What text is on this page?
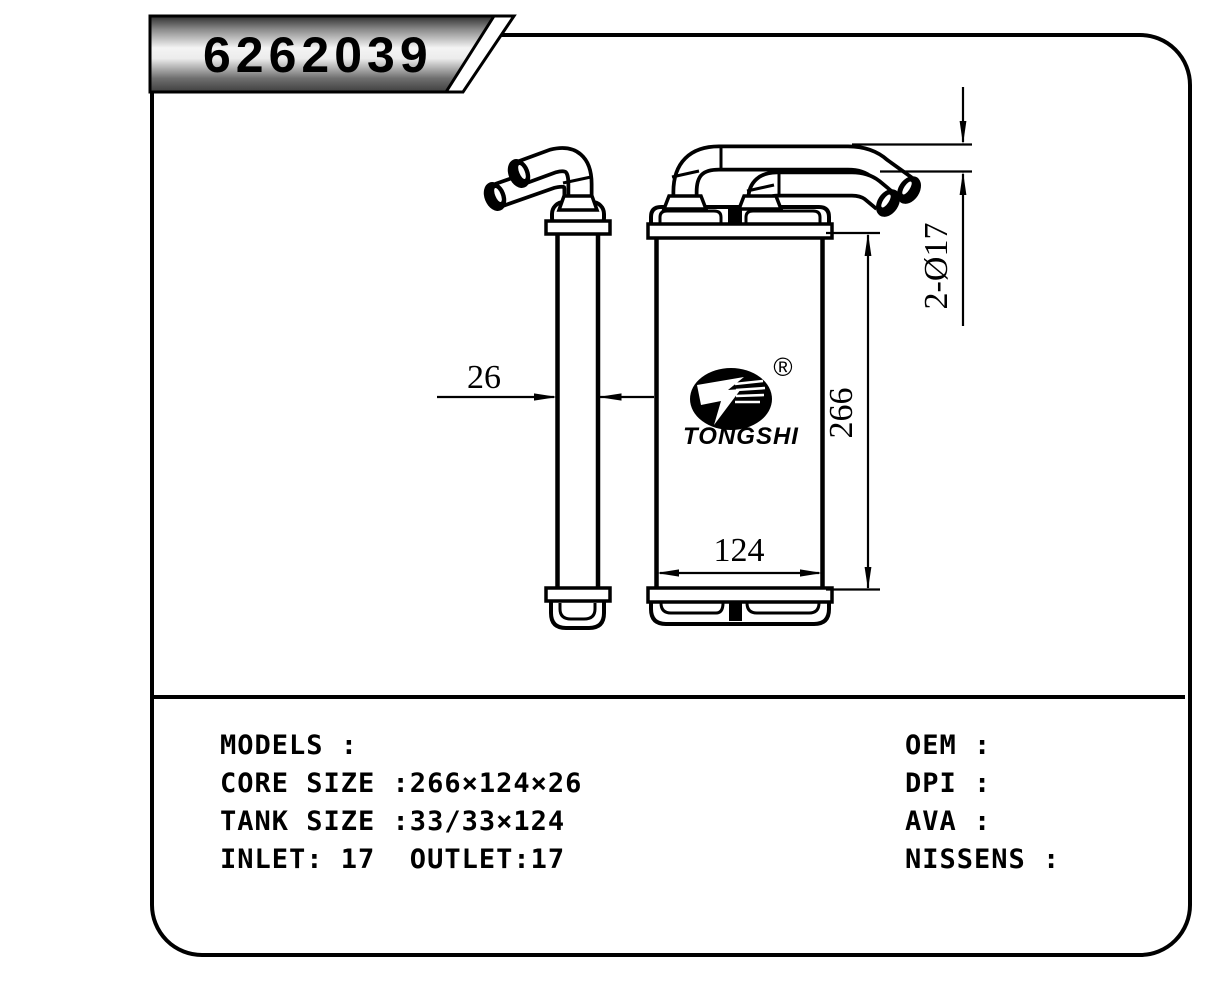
®
TONGSHI
26
124
266
2-Ø17
6262039
MODELS :
CORE SIZE :266×124×26
TANK SIZE :33/33×124
INLET: 17  OUTLET:17
OEM :
DPI :
AVA :
NISSENS :
